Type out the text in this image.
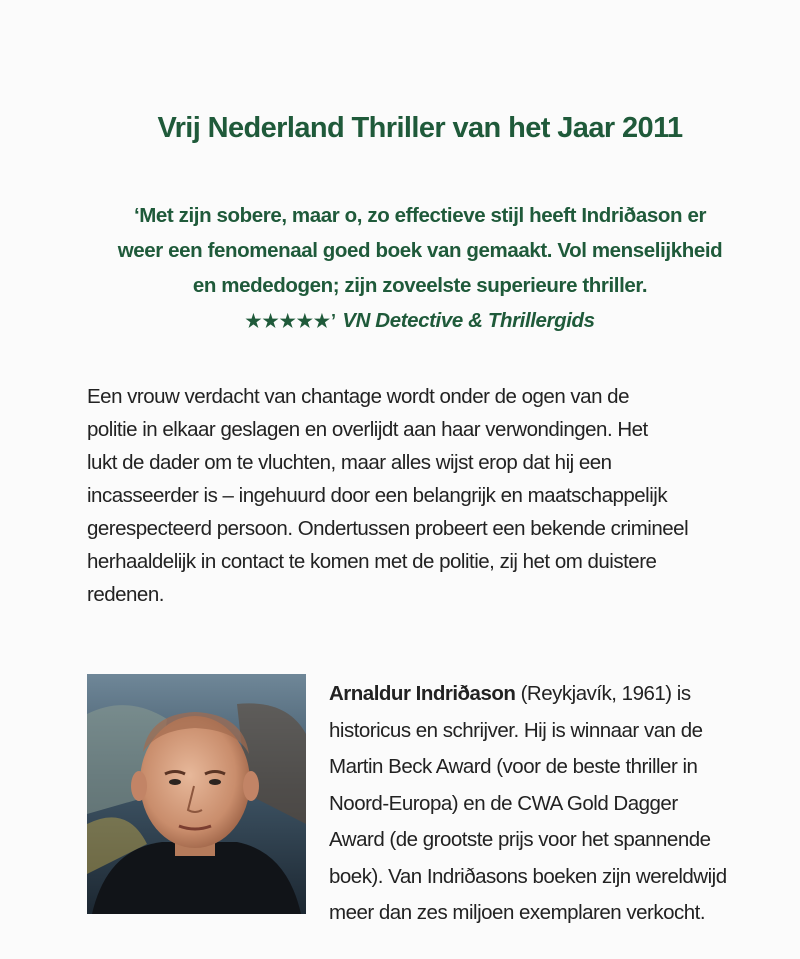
Vrij Nederland Thriller van het Jaar 2011

‘Met zijn sobere, maar o, zo effectieve stijl heeft Indriðason er
weer een fenomenaal goed boek van gemaakt. Vol menselijkheid
en mededogen; zijn zoveelste superieure thriller.
★★★★★’ VN Detective & Thrillergids

Een vrouw verdacht van chantage wordt onder de ogen van de
politie in elkaar geslagen en overlijdt aan haar verwondingen. Het
lukt de dader om te vluchten, maar alles wijst erop dat hij een
incasseerder is – ingehuurd door een belangrijk en maatschappelijk
gerespecteerd persoon. Ondertussen probeert een bekende crimineel
herhaaldelijk in contact te komen met de politie, zij het om duistere
redenen.

Arnaldur Indriðason (Reykjavík, 1961) is
historicus en schrijver. Hij is winnaar van de
Martin Beck Award (voor de beste thriller in
Noord-Europa) en de CWA Gold Dagger
Award (de grootste prijs voor het spannende
boek). Van Indriðasons boeken zijn wereldwijd
meer dan zes miljoen exemplaren verkocht.
